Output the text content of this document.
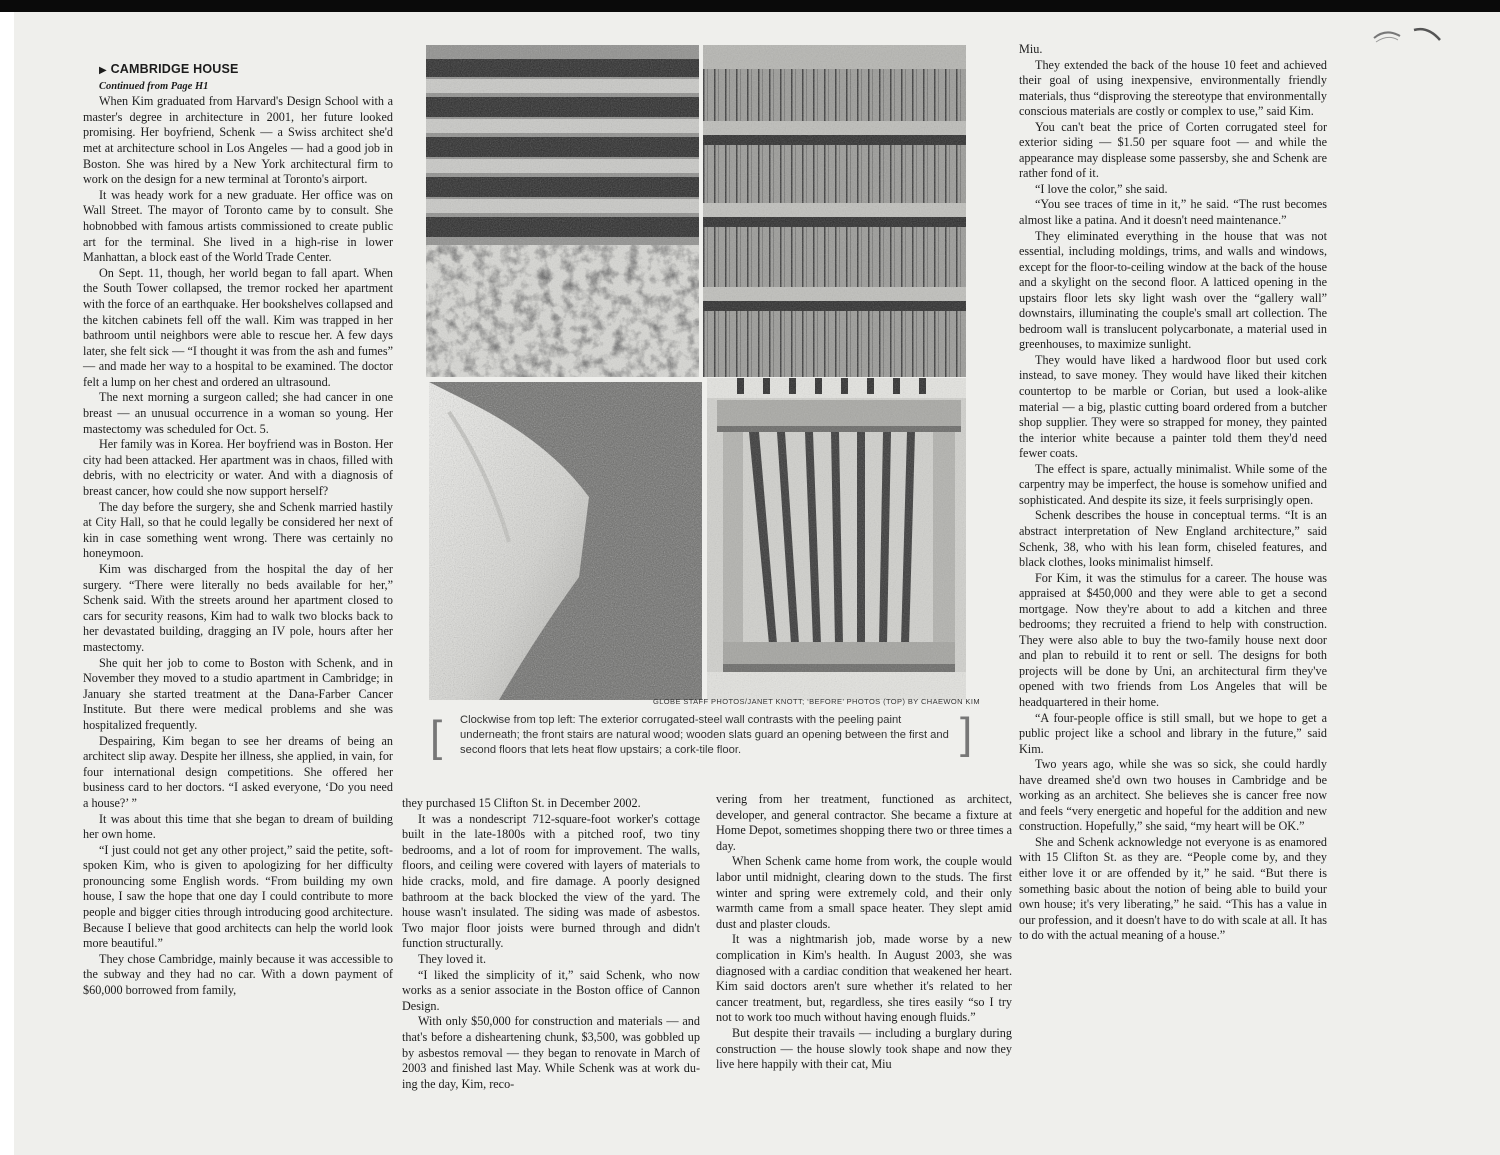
▶ CAMBRIDGE HOUSE

Continued from Page H1

When Kim graduated from Harvard's Design School with a master's degree in architecture in 2001, her future looked promising. Her boyfriend, Schenk — a Swiss architect she'd met at architecture school in Los Angeles — had a good job in Boston. She was hired by a New York architectural firm to work on the design for a new terminal at Toronto's airport.

It was heady work for a new graduate. Her office was on Wall Street. The mayor of Toronto came by to consult. She hobnobbed with famous artists commissioned to create public art for the terminal. She lived in a high-rise in lower Manhattan, a block east of the World Trade Center.

On Sept. 11, though, her world began to fall apart. When the South Tower collapsed, the tremor rocked her apartment with the force of an earthquake. Her bookshelves collapsed and the kitchen cabinets fell off the wall. Kim was trapped in her bathroom until neighbors were able to rescue her. A few days later, she felt sick — “I thought it was from the ash and fumes” — and made her way to a hospital to be examined. The doctor felt a lump on her chest and ordered an ultrasound.

The next morning a surgeon called; she had cancer in one breast — an unusual occurrence in a woman so young. Her mastectomy was scheduled for Oct. 5.

Her family was in Korea. Her boyfriend was in Boston. Her city had been attacked. Her apartment was in chaos, filled with debris, with no electricity or water. And with a diagnosis of breast cancer, how could she now support herself?

The day before the surgery, she and Schenk married hastily at City Hall, so that he could legally be considered her next of kin in case something went wrong. There was certainly no honeymoon.

Kim was discharged from the hospital the day of her surgery. “There were literally no beds available for her,” Schenk said. With the streets around her apartment closed to cars for security reasons, Kim had to walk two blocks back to her devastated building, dragging an IV pole, hours after her mastectomy.

She quit her job to come to Boston with Schenk, and in November they moved to a studio apartment in Cambridge; in January she started treatment at the Dana-Farber Cancer Institute. But there were medical problems and she was hospitalized frequently.

Despairing, Kim began to see her dreams of being an architect slip away. Despite her illness, she applied, in vain, for four international design competitions. She offered her business card to her doctors. “I asked everyone, ‘Do you need a house?’ ”

It was about this time that she began to dream of building her own home.

“I just could not get any other project,” said the petite, soft-spoken Kim, who is given to apologizing for her difficulty pronouncing some English words. “From building my own house, I saw the hope that one day I could contribute to more people and bigger cities through introducing good architecture. Because I believe that good architects can help the world look more beautiful.”

They chose Cambridge, mainly because it was accessible to the subway and they had no car. With a down payment of $60,000 borrowed from family,

GLOBE STAFF PHOTOS/JANET KNOTT; ‘BEFORE’ PHOTOS (TOP) BY CHAEWON KIM
[ Clockwise from top left: The exterior corrugated-steel wall contrasts with the peeling paint underneath; the front stairs are natural wood; wooden slats guard an opening between the first and second floors that lets heat flow upstairs; a cork-tile floor.	]

they purchased 15 Clifton St. in December 2002.

It was a nondescript 712-square-foot worker's cottage built in the late-1800s with a pitched roof, two tiny bedrooms, and a lot of room for improvement. The walls, floors, and ceiling were covered with layers of materials to hide cracks, mold, and fire damage. A poorly designed bathroom at the back blocked the view of the yard. The house wasn't insulated. The siding was made of asbestos. Two major floor joists were burned through and didn't function structurally.

They loved it.

“I liked the simplicity of it,” said Schenk, who now works as a senior associate in the Boston office of Cannon Design.

With only $50,000 for construction and materials — and that's before a disheartening chunk, $3,500, was gobbled up by asbestos removal — they began to renovate in March of 2003 and finished last May. While Schenk was at work du-ing the day, Kim, reco-

vering from her treatment, functioned as architect, developer, and general contractor. She became a fixture at Home Depot, sometimes shopping there two or three times a day.

When Schenk came home from work, the couple would labor until midnight, clearing down to the studs. The first winter and spring were extremely cold, and their only warmth came from a small space heater. They slept amid dust and plaster clouds.

It was a nightmarish job, made worse by a new complication in Kim's health. In August 2003, she was diagnosed with a cardiac condition that weakened her heart. Kim said doctors aren't sure whether it's related to her cancer treatment, but, regardless, she tires easily “so I try not to work too much without having enough fluids.”

But despite their travails — including a burglary during construction — the house slowly took shape and now they live here happily with their cat, Miu

Miu.

They extended the back of the house 10 feet and achieved their goal of using inexpensive, environmentally friendly materials, thus “disproving the stereotype that environmentally conscious materials are costly or complex to use,” said Kim.

You can't beat the price of Corten corrugated steel for exterior siding — $1.50 per square foot — and while the appearance may displease some passersby, she and Schenk are rather fond of it.

“I love the color,” she said.

“You see traces of time in it,” he said. “The rust becomes almost like a patina. And it doesn't need maintenance.”

They eliminated everything in the house that was not essential, including moldings, trims, and walls and windows, except for the floor-to-ceiling window at the back of the house and a skylight on the second floor. A latticed opening in the upstairs floor lets sky light wash over the “gallery wall” downstairs, illuminating the couple's small art collection. The bedroom wall is translucent polycarbonate, a material used in greenhouses, to maximize sunlight.

They would have liked a hardwood floor but used cork instead, to save money. They would have liked their kitchen countertop to be marble or Corian, but used a look-alike material — a big, plastic cutting board ordered from a butcher shop supplier. They were so strapped for money, they painted the interior white because a painter told them they'd need fewer coats.

The effect is spare, actually minimalist. While some of the carpentry may be imperfect, the house is somehow unified and sophisticated. And despite its size, it feels surprisingly open.

Schenk describes the house in conceptual terms. “It is an abstract interpretation of New England architecture,” said Schenk, 38, who with his lean form, chiseled features, and black clothes, looks minimalist himself.

For Kim, it was the stimulus for a career. The house was appraised at $450,000 and they were able to get a second mortgage. Now they're about to add a kitchen and three bedrooms; they recruited a friend to help with construction. They were also able to buy the two-family house next door and plan to rebuild it to rent or sell. The designs for both projects will be done by Uni, an architectural firm they've opened with two friends from Los Angeles that will be headquartered in their home.

“A four-people office is still small, but we hope to get a public project like a school and library in the future,” said Kim.

Two years ago, while she was so sick, she could hardly have dreamed she'd own two houses in Cambridge and be working as an architect. She believes she is cancer free now and feels “very energetic and hopeful for the addition and new construction. Hopefully,” she said, “my heart will be OK.”

She and Schenk acknowledge not everyone is as enamored with 15 Clifton St. as they are. “People come by, and they either love it or are offended by it,” he said. “But there is something basic about the notion of being able to build your own house; it's very liberating,” he said. “This has a value in our profession, and it doesn't have to do with scale at all. It has to do with the actual meaning of a house.”
